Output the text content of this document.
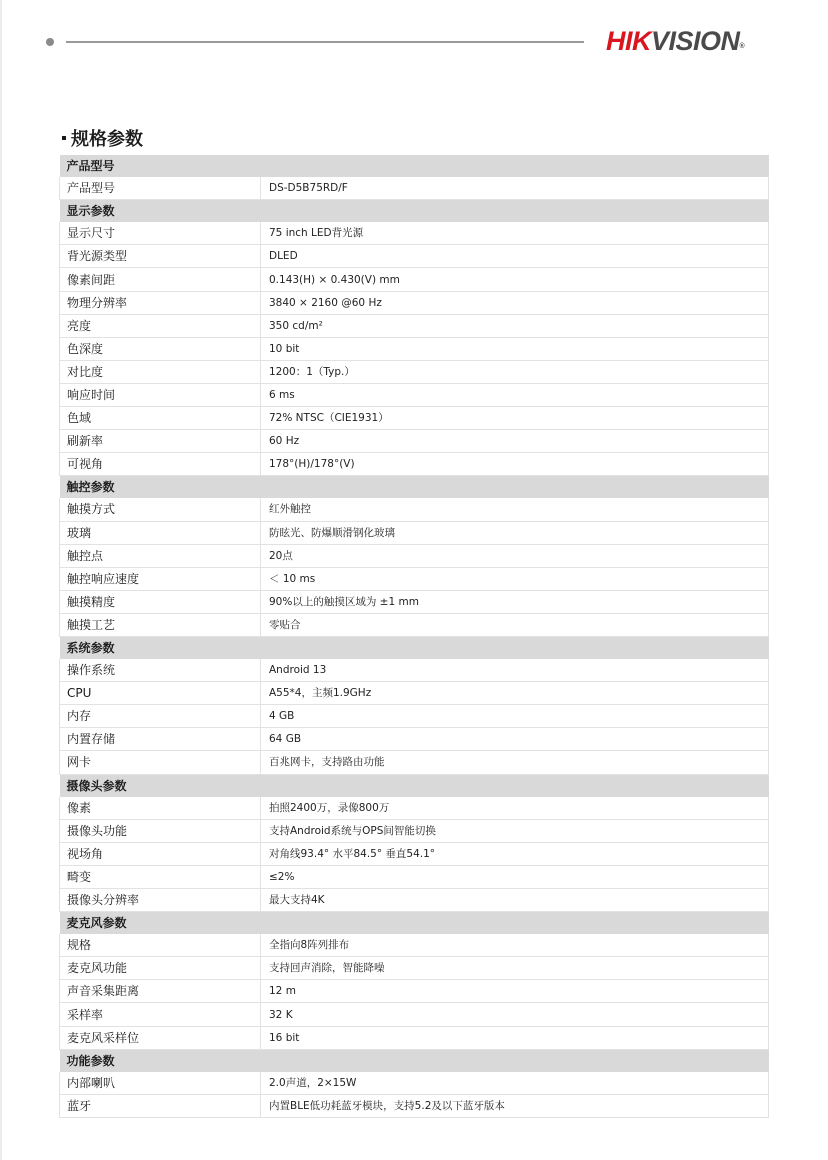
HIKVISION®
规格参数
产品型号	
产品型号	DS-D5B75RD/F
显示参数	
显示尺寸	75 inch LED背光源
背光源类型	DLED
像素间距	0.143(H) × 0.430(V) mm
物理分辨率	3840 × 2160 @60 Hz
亮度	350 cd/m²
色深度	10 bit
对比度	1200：1（Typ.）
响应时间	6 ms
色域	72% NTSC（CIE1931）
刷新率	60 Hz
可视角	178°(H)/178°(V)
触控参数	
触摸方式	红外触控
玻璃	防眩光、防爆顺滑钢化玻璃
触控点	20点
触控响应速度	＜ 10 ms
触摸精度	90%以上的触摸区域为 ±1 mm
触摸工艺	零贴合
系统参数	
操作系统	Android 13
CPU	A55*4，主频1.9GHz
内存	4 GB
内置存储	64 GB
网卡	百兆网卡，支持路由功能
摄像头参数	
像素	拍照2400万，录像800万
摄像头功能	支持Android系统与OPS间智能切换
视场角	对角线93.4° 水平84.5° 垂直54.1°
畸变	≤2%
摄像头分辨率	最大支持4K
麦克风参数	
规格	全指向8阵列排布
麦克风功能	支持回声消除，智能降噪
声音采集距离	12 m
采样率	32 K
麦克风采样位	16 bit
功能参数	
内部喇叭	2.0声道，2×15W
蓝牙	内置BLE低功耗蓝牙模块，支持5.2及以下蓝牙版本
